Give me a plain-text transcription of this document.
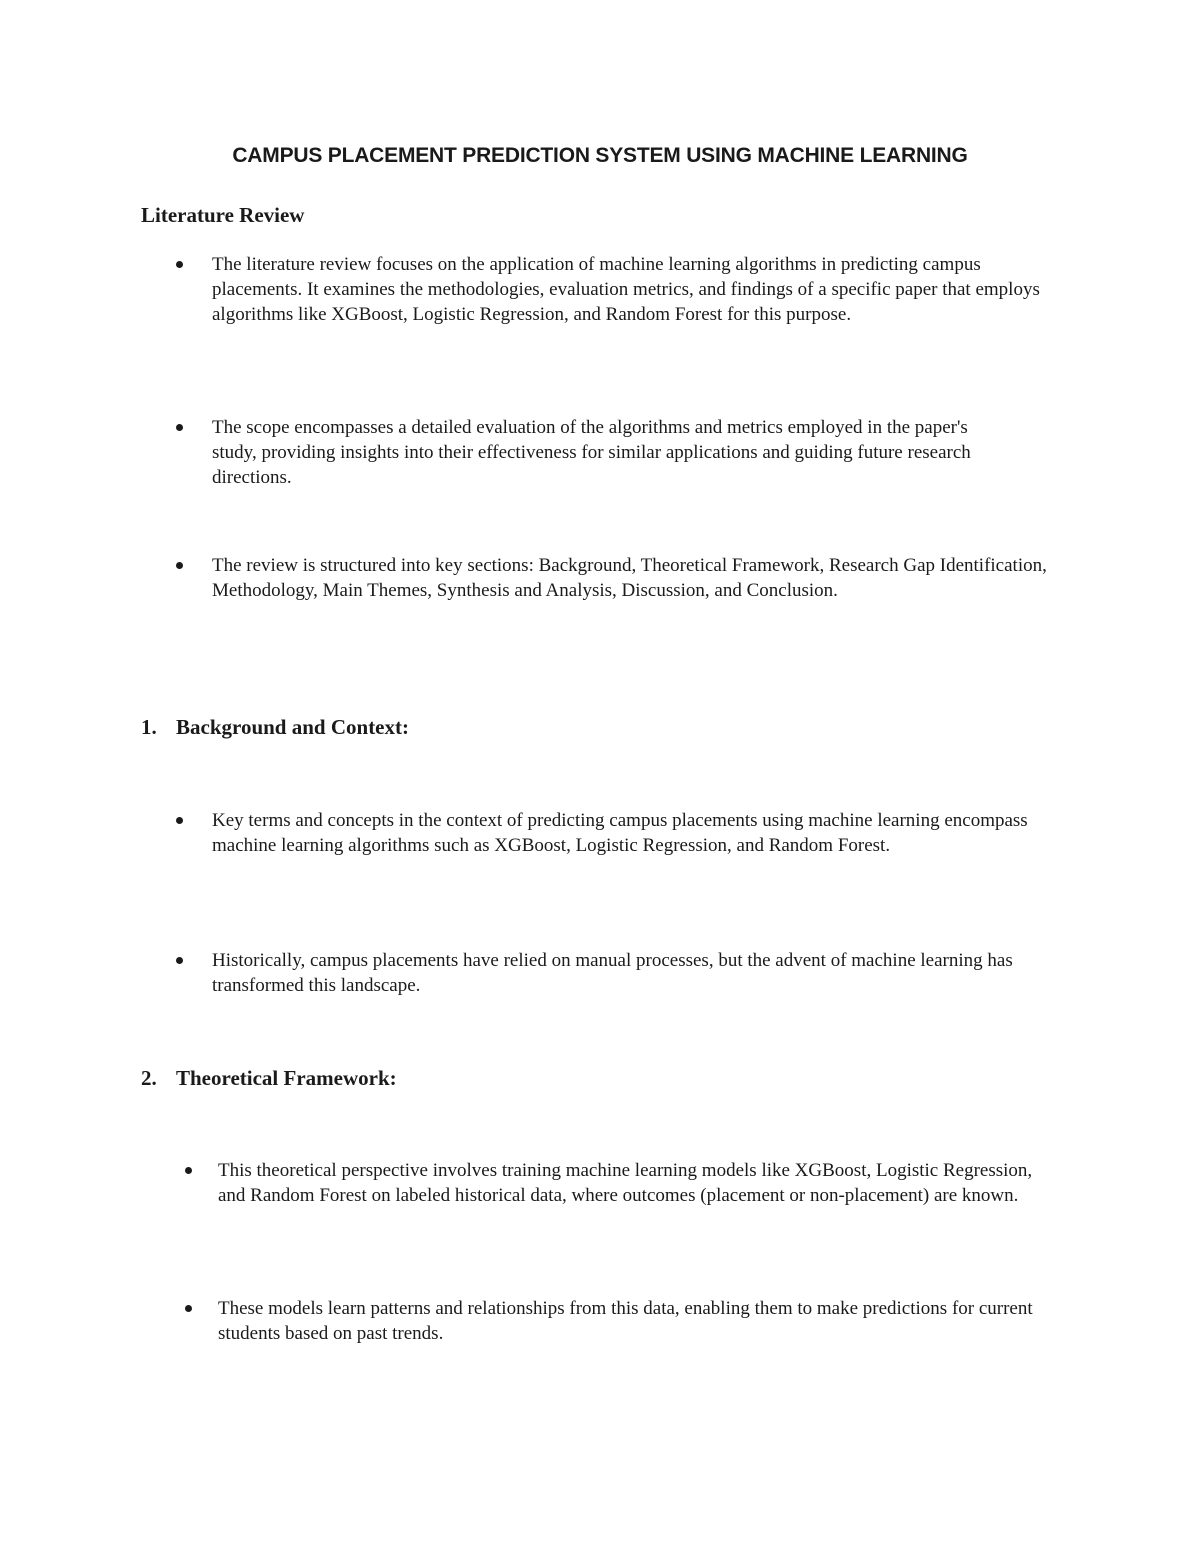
CAMPUS PLACEMENT PREDICTION SYSTEM USING MACHINE LEARNING
Literature Review

The literature review focuses on the application of machine learning algorithms in predicting campus placements. It examines the methodologies, evaluation metrics, and findings of a specific paper that employs algorithms like XGBoost, Logistic Regression, and Random Forest for this purpose.

The scope encompasses a detailed evaluation of the algorithms and metrics employed in the paper's study, providing insights into their effectiveness for similar applications and guiding future research directions.

The review is structured into key sections: Background, Theoretical Framework, Research Gap Identification, Methodology, Main Themes, Synthesis and Analysis, Discussion, and Conclusion.

1. Background and Context:

Key terms and concepts in the context of predicting campus placements using machine learning encompass machine learning algorithms such as XGBoost, Logistic Regression, and Random Forest.

Historically, campus placements have relied on manual processes, but the advent of machine learning has transformed this landscape.

2. Theoretical Framework:

This theoretical perspective involves training machine learning models like XGBoost, Logistic Regression, and Random Forest on labeled historical data, where outcomes (placement or non-placement) are known.

These models learn patterns and relationships from this data, enabling them to make predictions for current students based on past trends.
